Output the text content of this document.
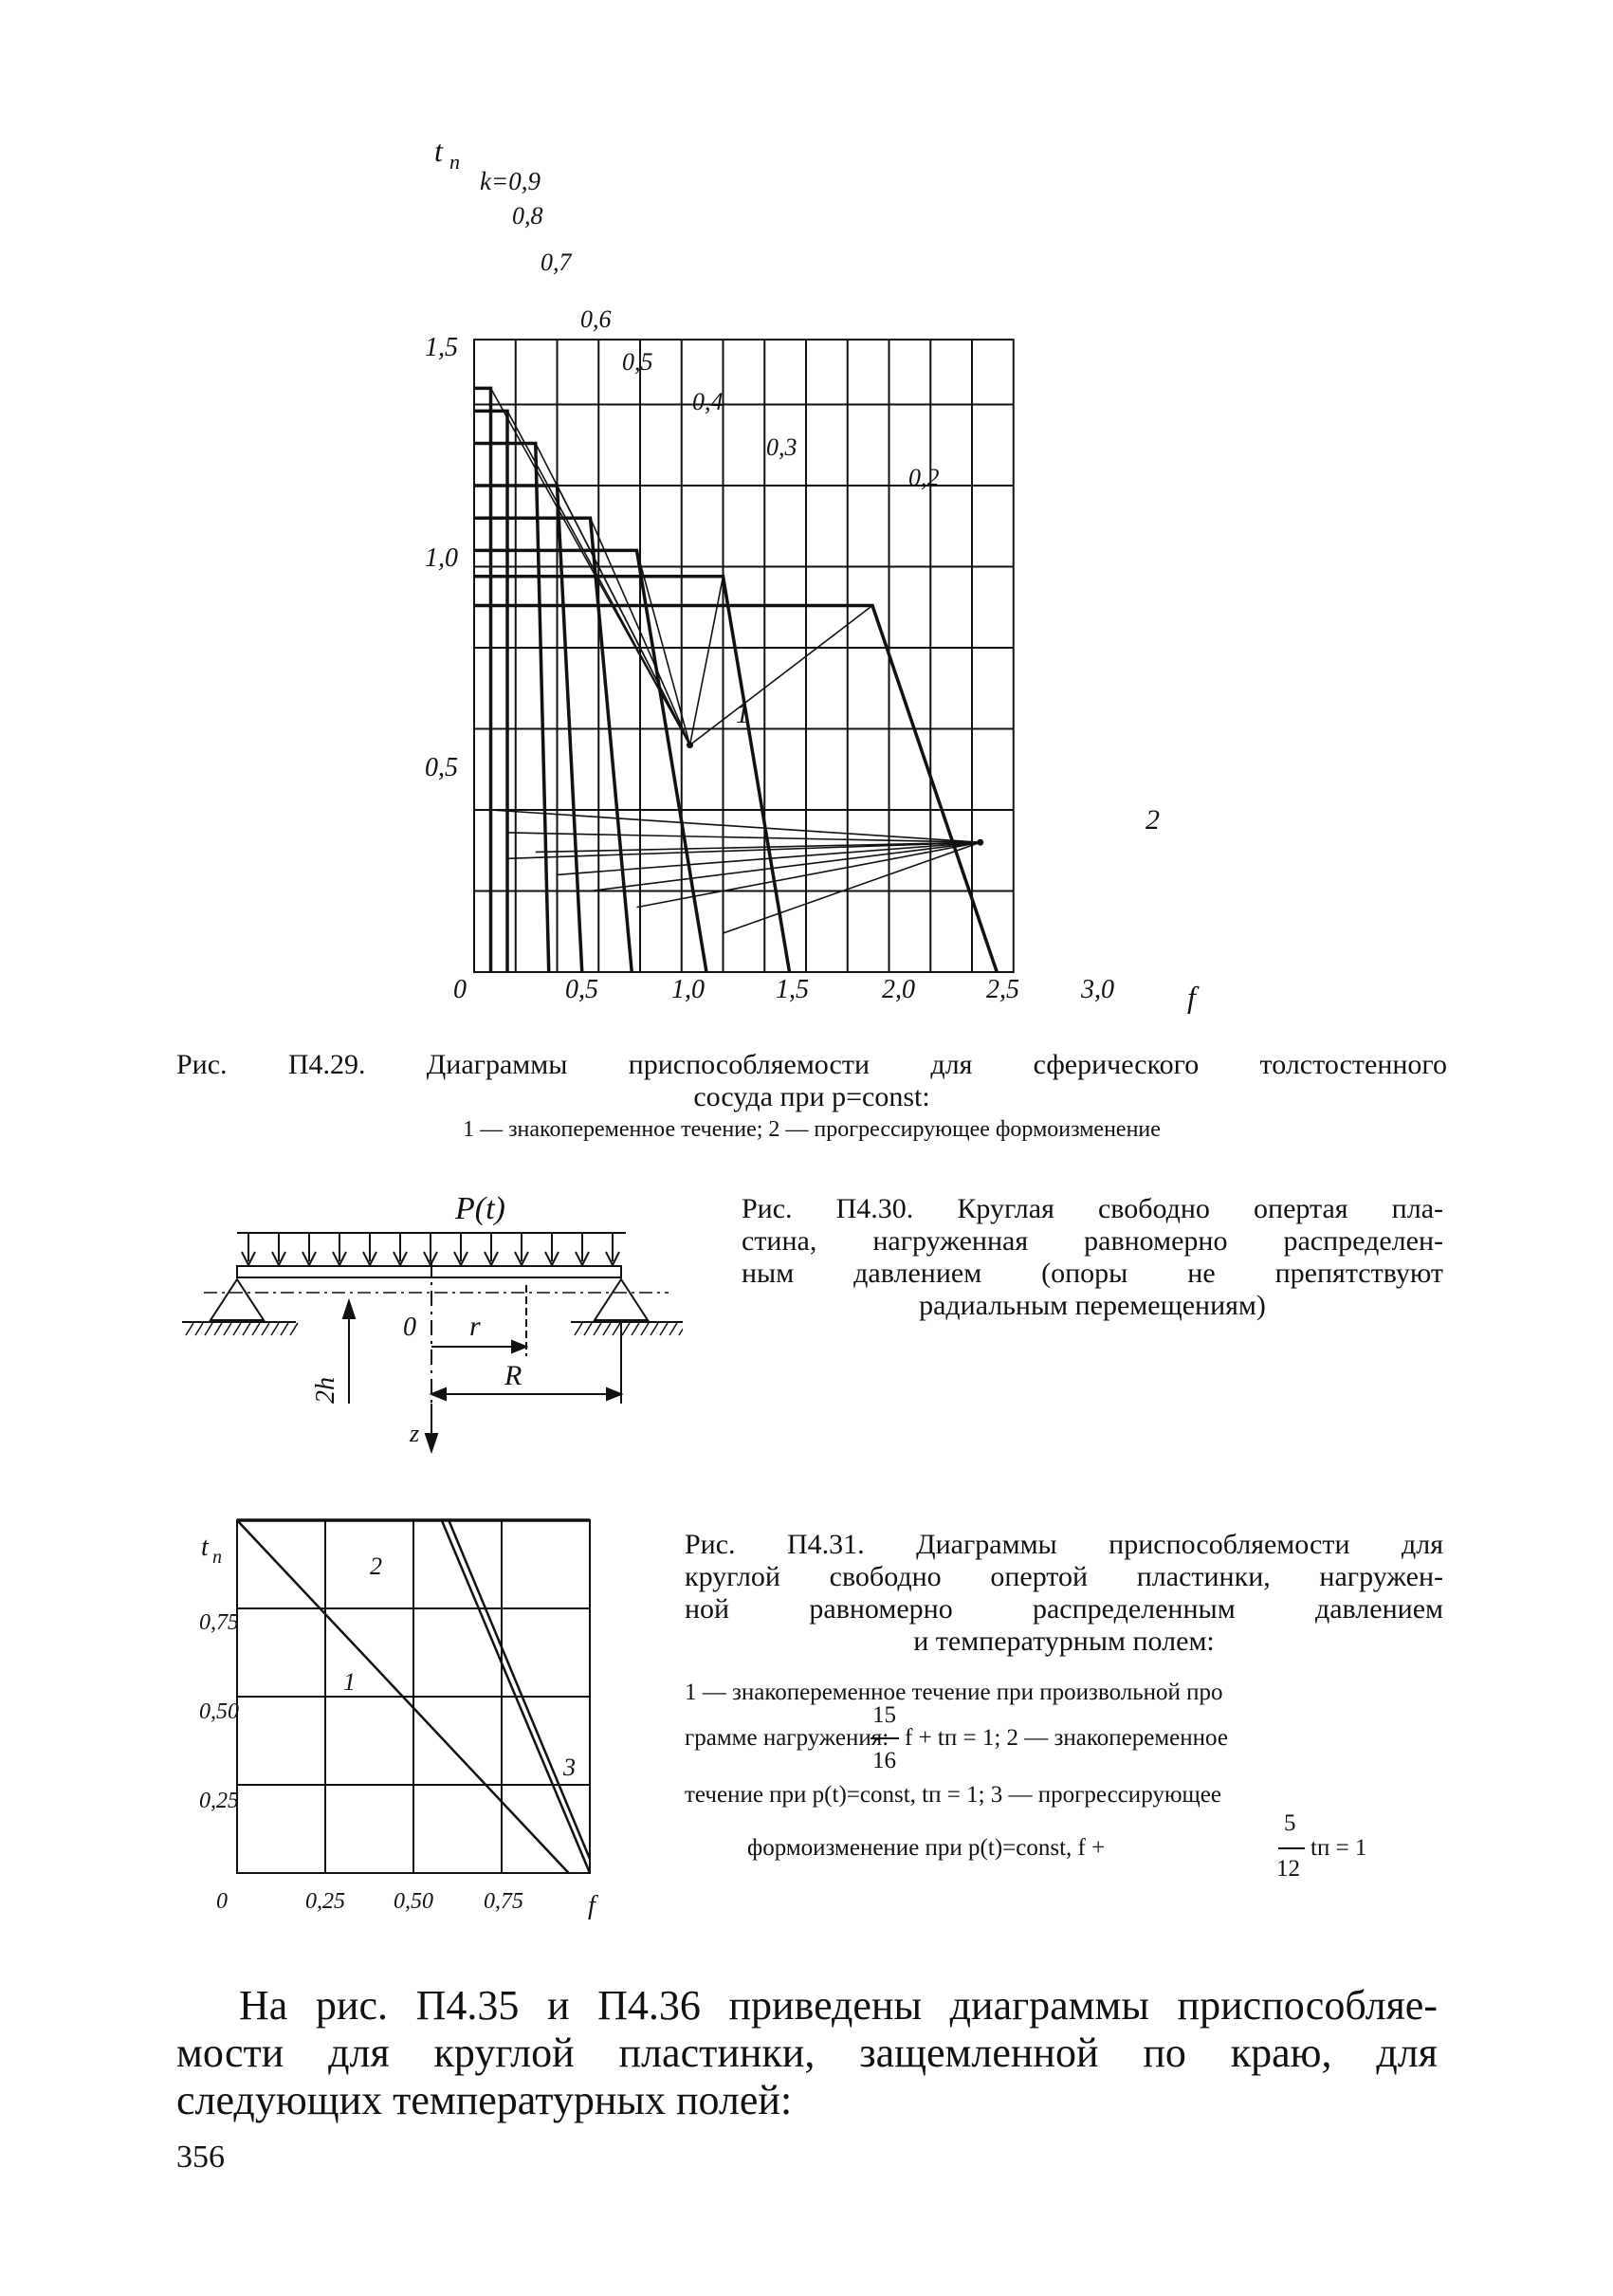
t п
f
0	0,5	1,0	1,5	2,0	2,5 3,0
1,5
1,0
0,5
k=0,9
0,8
0,7
0,6
0,5
0,4
0,3
0,2
1
2
Рис. П4.29. Диаграммы приспособляемости для сферического толстостенного
сосуда при p=const:
1 — знакопеременное течение; 2 — прогрессирующее формоизменение
P(t)
0 r
R
2h
z
Рис. П4.30. Круглая свободно опертая пла-
стина, нагруженная равномерно распределен-
ным давлением (опоры не препятствуют
радиальным перемещениям)
t п
f
0	0,25 0,50 0,75
0,75
0,50
0,25
1
2
3
Рис. П4.31. Диаграммы приспособляемости для
круглой свободно опертой пластинки, нагружен-
ной равномерно распределенным давлением
и температурным полем:
1 — знакопеременное течение при произвольной про
15
грамме нагружения: f + tп = 1; 2 — знакопеременное
16
течение при p(t)=const, tп = 1; 3 — прогрессирующее
5
формоизменение при p(t)=const, f +	tп = 1
12
На рис. П4.35 и П4.36 приведены диаграммы приспособляе-
мости для круглой пластинки, защемленной по краю, для
следующих температурных полей:
356
